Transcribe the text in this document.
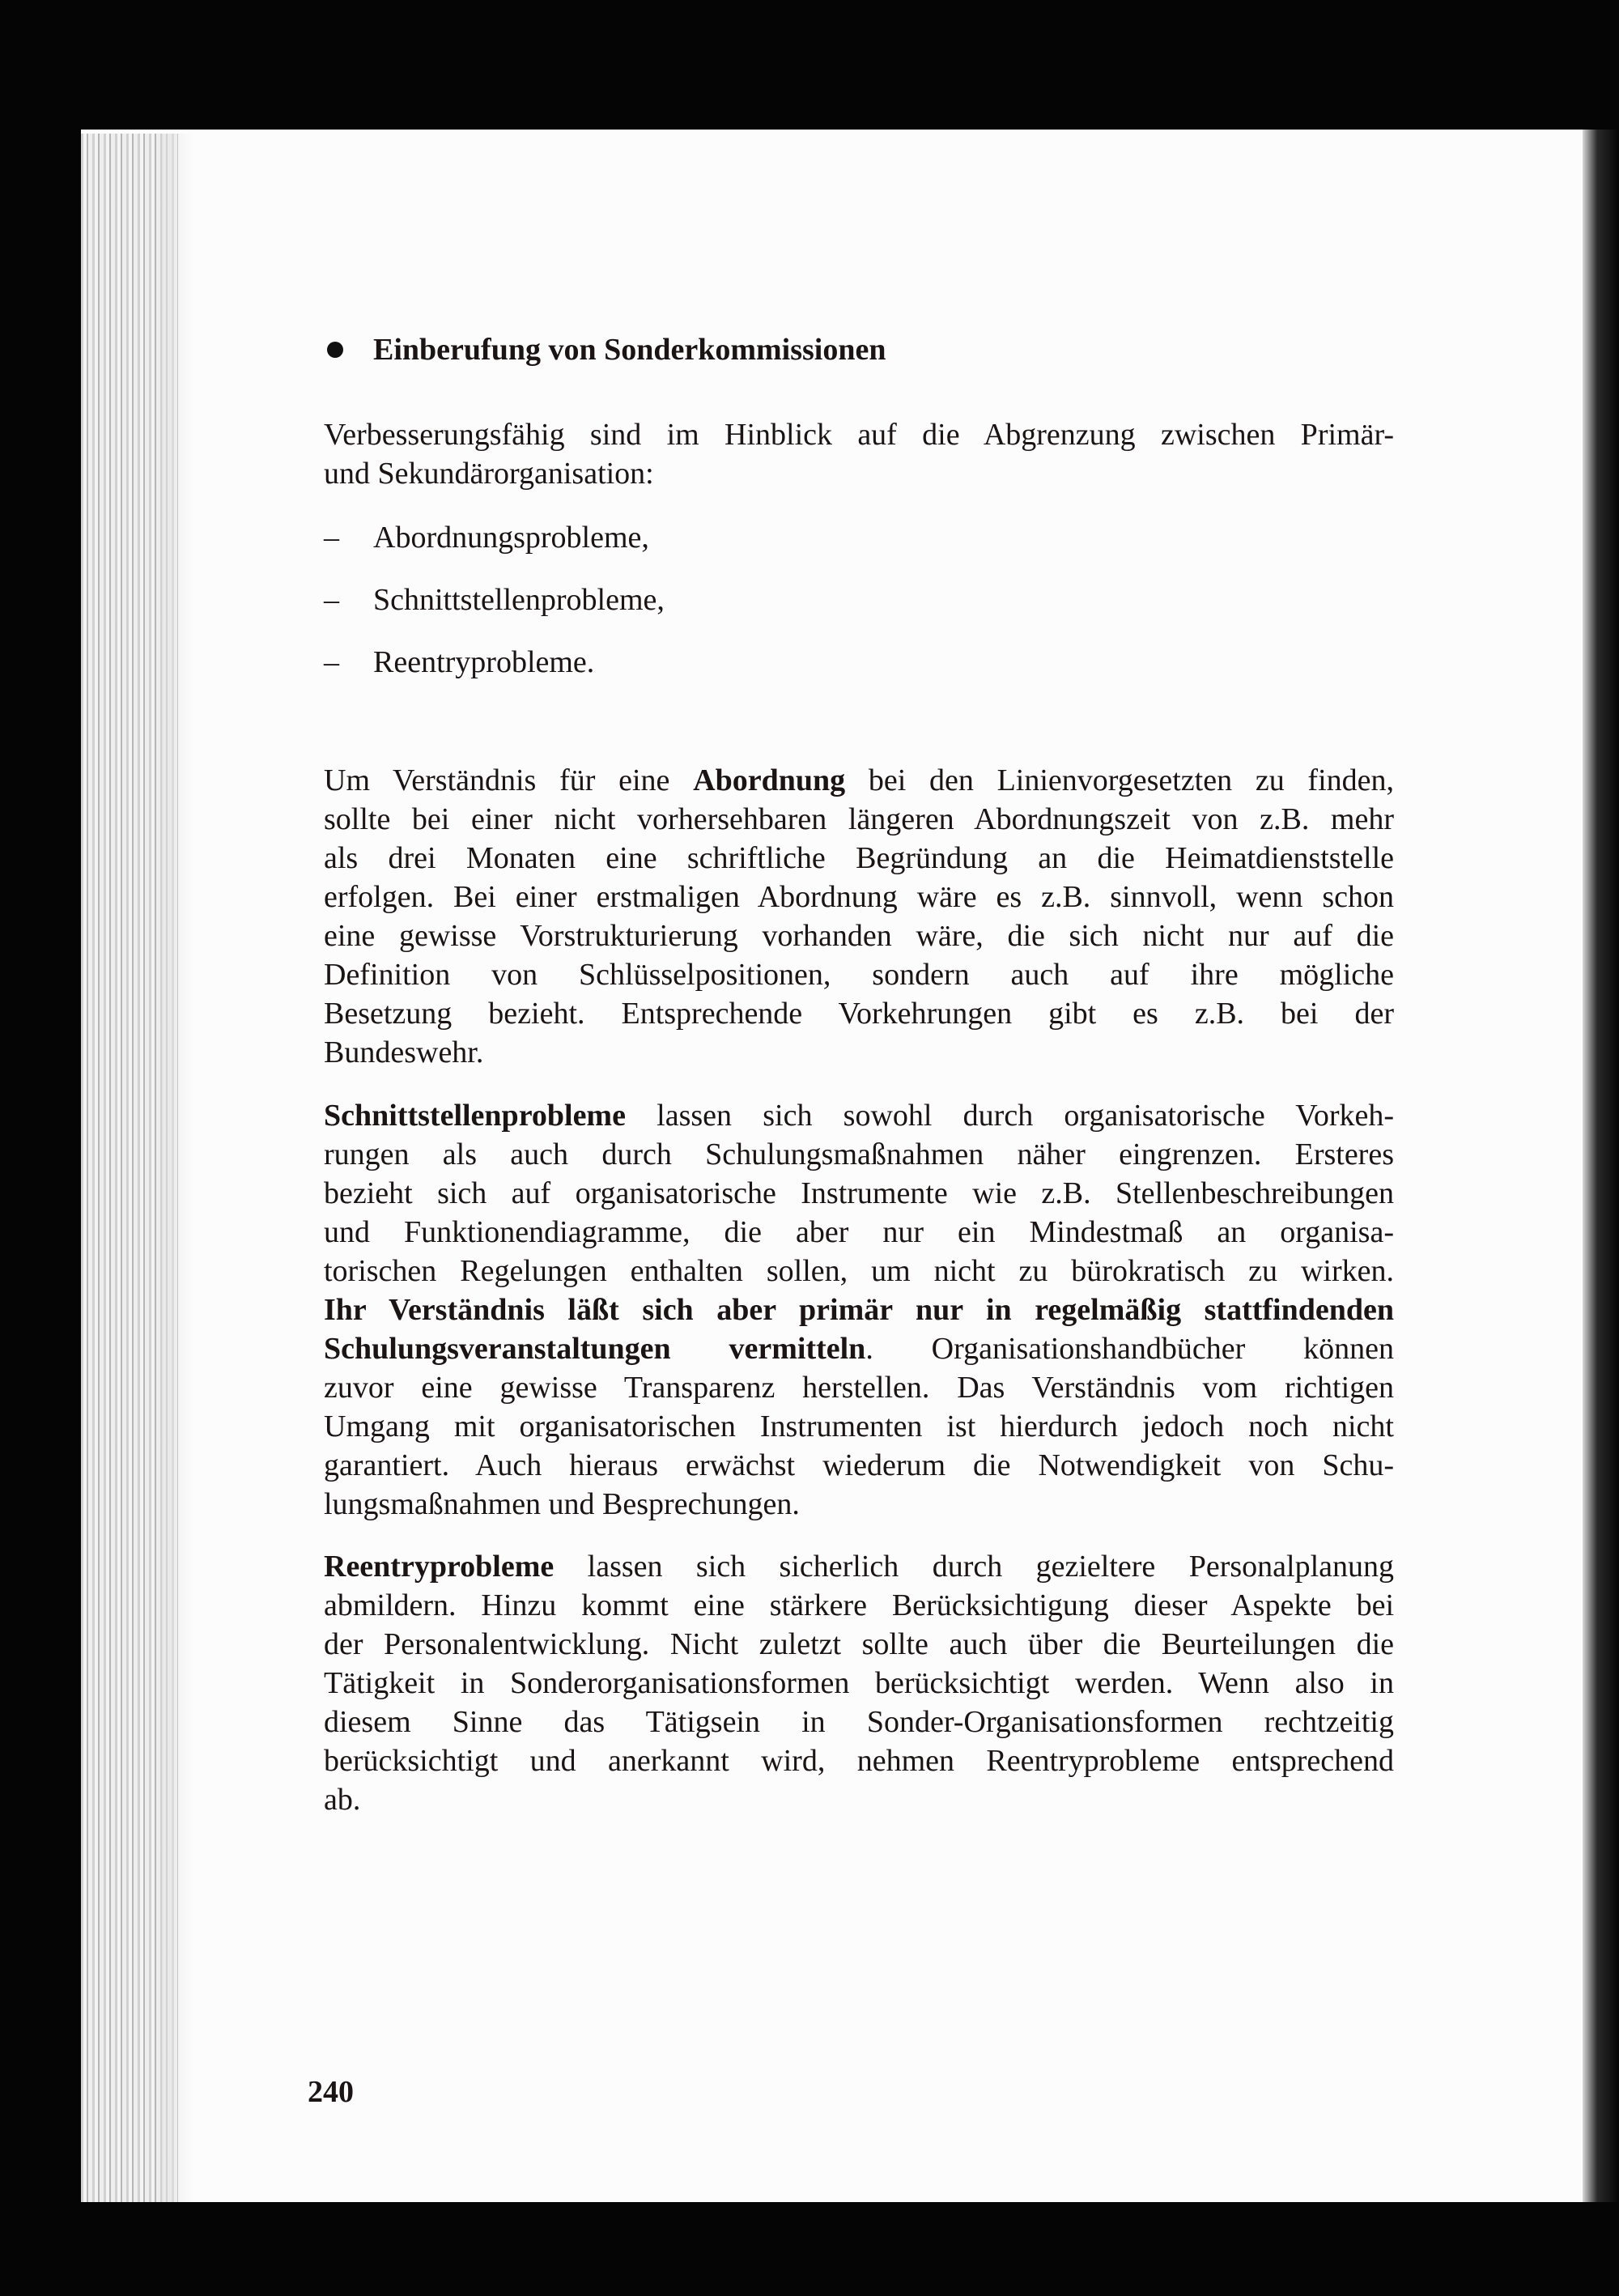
Einberufung von Sonderkommissionen
Verbesserungsfähig sind im Hinblick auf die Abgrenzung zwischen Primär-
und Sekundärorganisation:
–	Abordnungsprobleme,
–	Schnittstellenprobleme,
–	Reentryprobleme.
Um Verständnis für eine Abordnung bei den Linienvorgesetzten zu finden,
sollte bei einer nicht vorhersehbaren längeren Abordnungszeit von z.B. mehr
als drei Monaten eine schriftliche Begründung an die Heimatdienststelle
erfolgen. Bei einer erstmaligen Abordnung wäre es z.B. sinnvoll, wenn schon
eine gewisse Vorstrukturierung vorhanden wäre, die sich nicht nur auf die
Definition von Schlüsselpositionen, sondern auch auf ihre mögliche
Besetzung bezieht. Entsprechende Vorkehrungen gibt es z.B. bei der
Bundeswehr.
Schnittstellenprobleme lassen sich sowohl durch organisatorische Vorkeh-
rungen als auch durch Schulungsmaßnahmen näher eingrenzen. Ersteres
bezieht sich auf organisatorische Instrumente wie z.B. Stellenbeschreibungen
und Funktionendiagramme, die aber nur ein Mindestmaß an organisa-
torischen Regelungen enthalten sollen, um nicht zu bürokratisch zu wirken.
Ihr Verständnis läßt sich aber primär nur in regelmäßig stattfindenden
Schulungsveranstaltungen vermitteln. Organisationshandbücher können
zuvor eine gewisse Transparenz herstellen. Das Verständnis vom richtigen
Umgang mit organisatorischen Instrumenten ist hierdurch jedoch noch nicht
garantiert. Auch hieraus erwächst wiederum die Notwendigkeit von Schu-
lungsmaßnahmen und Besprechungen.
Reentryprobleme lassen sich sicherlich durch gezieltere Personalplanung
abmildern. Hinzu kommt eine stärkere Berücksichtigung dieser Aspekte bei
der Personalentwicklung. Nicht zuletzt sollte auch über die Beurteilungen die
Tätigkeit in Sonderorganisationsformen berücksichtigt werden. Wenn also in
diesem Sinne das Tätigsein in Sonder-Organisationsformen rechtzeitig
berücksichtigt und anerkannt wird, nehmen Reentryprobleme entsprechend
ab.
240
